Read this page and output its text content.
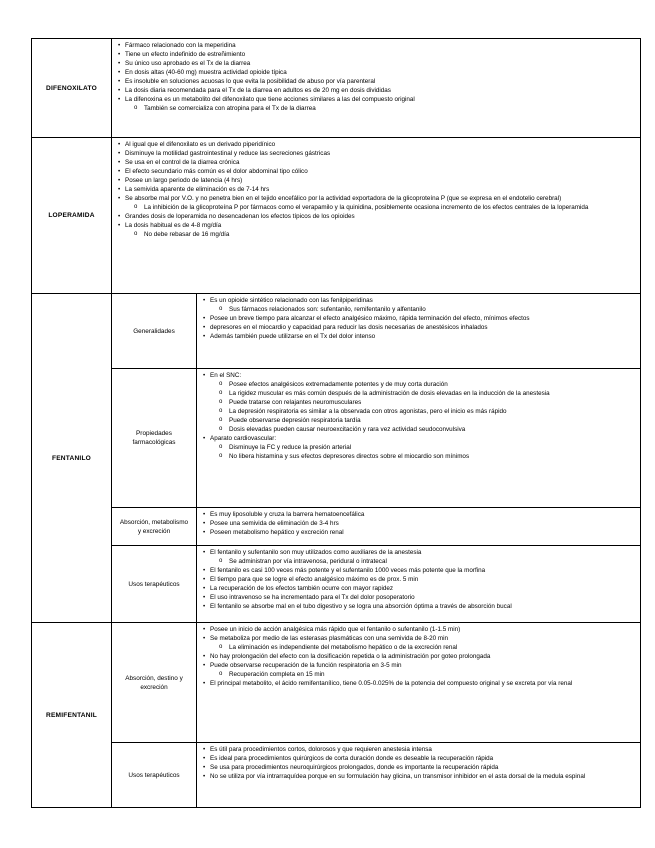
DIFENOXILATO
• Fármaco relacionado con la meperidina
• Tiene un efecto indefinido de estreñimiento
• Su único uso aprobado es el Tx de la diarrea
• En dosis altas (40-60 mg) muestra actividad opioide típica
• Es insoluble en soluciones acuosas lo que evita la posibilidad de abuso por vía parenteral
• La dosis diaria recomendada para el Tx de la diarrea en adultos es de 20 mg en dosis divididas
• La difenoxina es un metabolito del difenoxilato que tiene acciones similares a las del compuesto original
o También se comercializa con atropina para el Tx de la diarrea
LOPERAMIDA
• Al igual que el difenoxilato es un derivado piperidínico
• Disminuye la motilidad gastrointestinal y reduce las secreciones gástricas
• Se usa en el control de la diarrea crónica
• El efecto secundario más común es el dolor abdominal tipo cólico
• Posee un largo periodo de latencia (4 hrs)
• La semivida aparente de eliminación es de 7-14 hrs
• Se absorbe mal por V.O. y no penetra bien en el tejido encefálico por la actividad exportadora de la glicoproteína P (que se expresa en el endotelio cerebral)
o La inhibición de la glicoproteína P por fármacos como el verapamilo y la quinidina, posiblemente ocasiona incremento de los efectos centrales de la loperamida
• Grandes dosis de loperamida no desencadenan los efectos típicos de los opioides
• La dosis habitual es de 4-8 mg/día
o No debe rebasar de 16 mg/día
FENTANILO
Generalidades
• Es un opioide sintético relacionado con las fenilpiperidinas
o Sus fármacos relacionados son: sufentanilo, remifentanilo y alfentanilo
• Posee un breve tiempo para alcanzar el efecto analgésico máximo, rápida terminación del efecto, mínimos efectos
• depresores en el miocardio y capacidad para reducir las dosis necesarias de anestésicos inhalados
• Además también puede utilizarse en el Tx del dolor intenso
Propiedades farmacológicas
• En el SNC:
o Posee efectos analgésicos extremadamente potentes y de muy corta duración
o La rigidez muscular es más común después de la administración de dosis elevadas en la inducción de la anestesia
o Puede tratarse con relajantes neuromusculares
o La depresión respiratoria es similar a la observada con otros agonistas, pero el inicio es más rápido
o Puede observarse depresión respiratoria tardía
o Dosis elevadas pueden causar neuroexcitación y rara vez actividad seudoconvulsiva
• Aparato cardiovascular:
o Disminuye la FC y reduce la presión arterial
o No libera histamina y sus efectos depresores directos sobre el miocardio son mínimos
Absorción, metabolismo y excreción
• Es muy liposoluble y cruza la barrera hematoencefálica
• Posee una semivida de eliminación de 3-4 hrs
• Poseen metabolismo hepático y excreción renal
Usos terapéuticos
• El fentanilo y sufentanilo son muy utilizados como auxiliares de la anestesia
o Se administran por vía intravenosa, peridural o intratecal
• El fentanilo es casi 100 veces más potente y el sufentanilo 1000 veces más potente que la morfina
• El tiempo para que se logre el efecto analgésico máximo es de prox. 5 min
• La recuperación de los efectos también ocurre con mayor rapidez
• El uso intravenoso se ha incrementado para el Tx del dolor posoperatorio
• El fentanilo se absorbe mal en el tubo digestivo y se logra una absorción óptima a través de absorción bucal
REMIFENTANIL
Absorción, destino y excreción
• Posee un inicio de acción analgésica más rápido que el fentanilo o sufentanilo (1-1.5 min)
• Se metaboliza por medio de las esterasas plasmáticas con una semivida de 8-20 min
o La eliminación es independiente del metabolismo hepático o de la excreción renal
• No hay prolongación del efecto con la dosificación repetida o la administración por goteo prolongada
• Puede observarse recuperación de la función respiratoria en 3-5 min
o Recuperación completa en 15 min
• El principal metabolito, el ácido remifentanílico, tiene 0.05-0.025% de la potencia del compuesto original y se excreta por vía renal
Usos terapéuticos
• Es útil para procedimientos cortos, dolorosos y que requieren anestesia intensa
• Es ideal para procedimientos quirúrgicos de corta duración donde es deseable la recuperación rápida
• Se usa para procedimientos neuroquirúrgicos prolongados, donde es importante la recuperación rápida
• No se utiliza por vía intrarraquídea porque en su formulación hay glicina, un transmisor inhibidor en el asta dorsal de la medula espinal
